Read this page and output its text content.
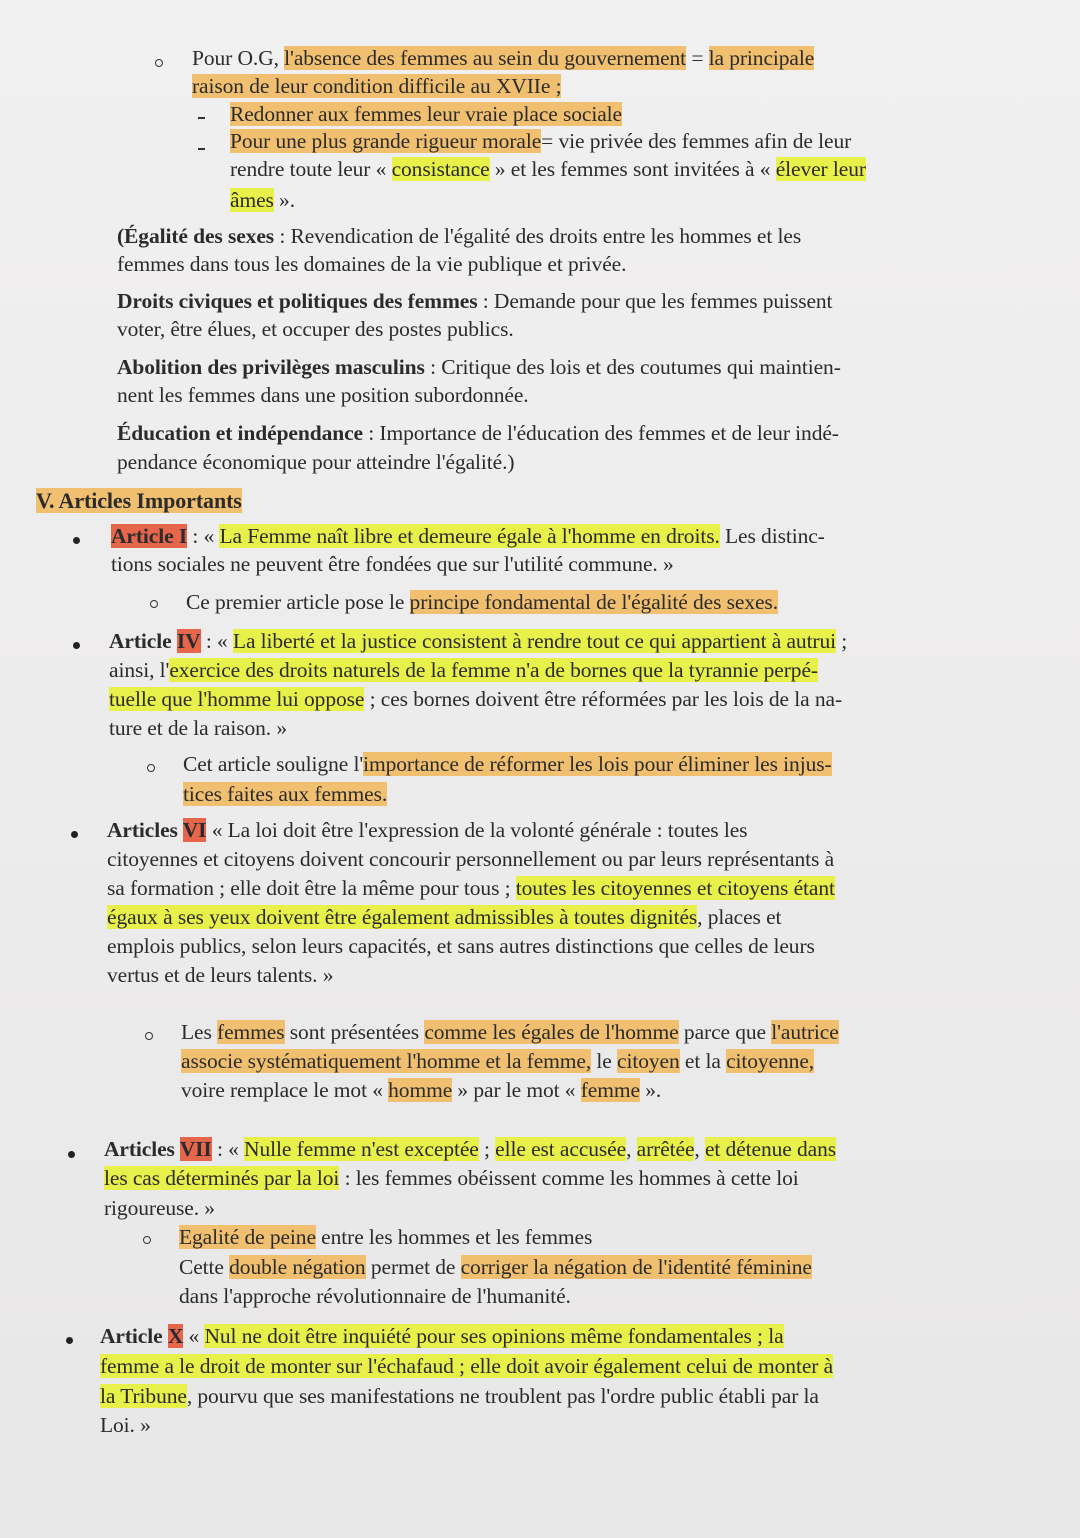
Pour O.G, l'absence des femmes au sein du gouvernement = la principale
raison de leur condition difficile au XVIIe ;
Redonner aux femmes leur vraie place sociale
Pour une plus grande rigueur morale= vie privée des femmes afin de leur
rendre toute leur « consistance » et les femmes sont invitées à « élever leur
âmes ».
(Égalité des sexes : Revendication de l'égalité des droits entre les hommes et les
femmes dans tous les domaines de la vie publique et privée.
Droits civiques et politiques des femmes : Demande pour que les femmes puissent
voter, être élues, et occuper des postes publics.
Abolition des privilèges masculins : Critique des lois et des coutumes qui maintien-
nent les femmes dans une position subordonnée.
Éducation et indépendance : Importance de l'éducation des femmes et de leur indé-
pendance économique pour atteindre l'égalité.)
V. Articles Importants
Article I : « La Femme naît libre et demeure égale à l'homme en droits. Les distinc-
tions sociales ne peuvent être fondées que sur l'utilité commune. »
Ce premier article pose le principe fondamental de l'égalité des sexes.
Article IV : « La liberté et la justice consistent à rendre tout ce qui appartient à autrui ;
ainsi, l'exercice des droits naturels de la femme n'a de bornes que la tyrannie perpé-
tuelle que l'homme lui oppose ; ces bornes doivent être réformées par les lois de la na-
ture et de la raison. »
Cet article souligne l'importance de réformer les lois pour éliminer les injus-
tices faites aux femmes.
Articles VI « La loi doit être l'expression de la volonté générale : toutes les
citoyennes et citoyens doivent concourir personnellement ou par leurs représentants à
sa formation ; elle doit être la même pour tous ; toutes les citoyennes et citoyens étant
égaux à ses yeux doivent être également admissibles à toutes dignités, places et
emplois publics, selon leurs capacités, et sans autres distinctions que celles de leurs
vertus et de leurs talents. »
Les femmes sont présentées comme les égales de l'homme parce que l'autrice
associe systématiquement l'homme et la femme, le citoyen et la citoyenne,
voire remplace le mot « homme » par le mot « femme ».
Articles VII : « Nulle femme n'est exceptée ; elle est accusée, arrêtée, et détenue dans
les cas déterminés par la loi : les femmes obéissent comme les hommes à cette loi
rigoureuse. »
Egalité de peine entre les hommes et les femmes
Cette double négation permet de corriger la négation de l'identité féminine
dans l'approche révolutionnaire de l'humanité.
Article X « Nul ne doit être inquiété pour ses opinions même fondamentales ; la
femme a le droit de monter sur l'échafaud ; elle doit avoir également celui de monter à
la Tribune, pourvu que ses manifestations ne troublent pas l'ordre public établi par la
Loi. »
